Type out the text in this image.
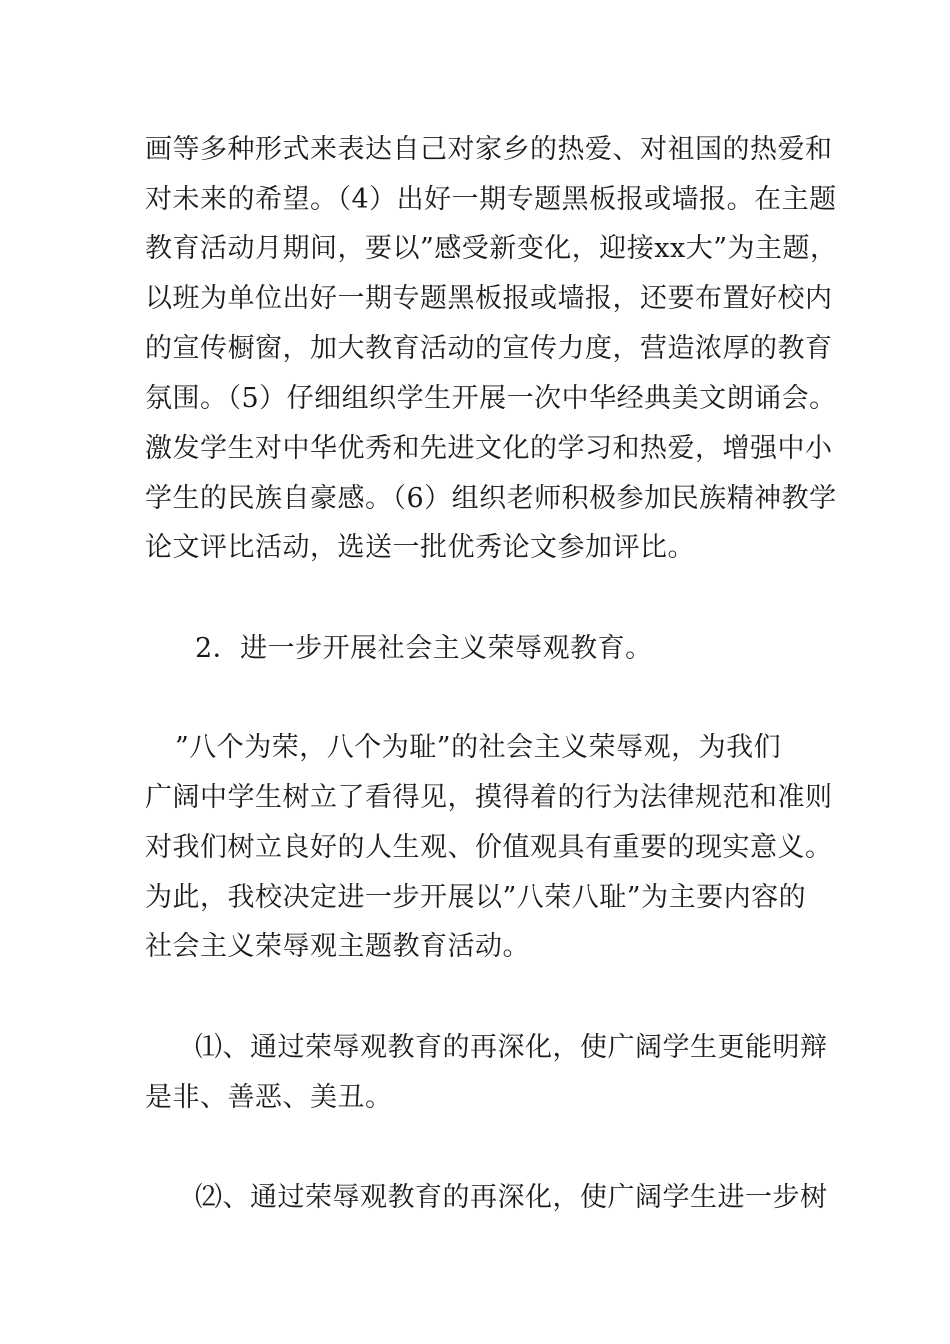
画等多种形式来表达自己对家乡的热爱、对祖国的热爱和
对未来的希望。（4）出好一期专题黑板报或墙报。在主题
教育活动月期间，要以”感受新变化，迎接xx大”为主题，
以班为单位出好一期专题黑板报或墙报，还要布置好校内
的宣传橱窗，加大教育活动的宣传力度，营造浓厚的教育
氛围。（5）仔细组织学生开展一次中华经典美文朗诵会。
激发学生对中华优秀和先进文化的学习和热爱，增强中小
学生的民族自豪感。（6）组织老师积极参加民族精神教学
论文评比活动，选送一批优秀论文参加评比。
2．进一步开展社会主义荣辱观教育。
”八个为荣，八个为耻”的社会主义荣辱观，为我们
广阔中学生树立了看得见，摸得着的行为法律规范和准则
对我们树立良好的人生观、价值观具有重要的现实意义。
为此，我校决定进一步开展以”八荣八耻”为主要内容的
社会主义荣辱观主题教育活动。
⑴、通过荣辱观教育的再深化，使广阔学生更能明辩
是非、善恶、美丑。
⑵、通过荣辱观教育的再深化，使广阔学生进一步树
